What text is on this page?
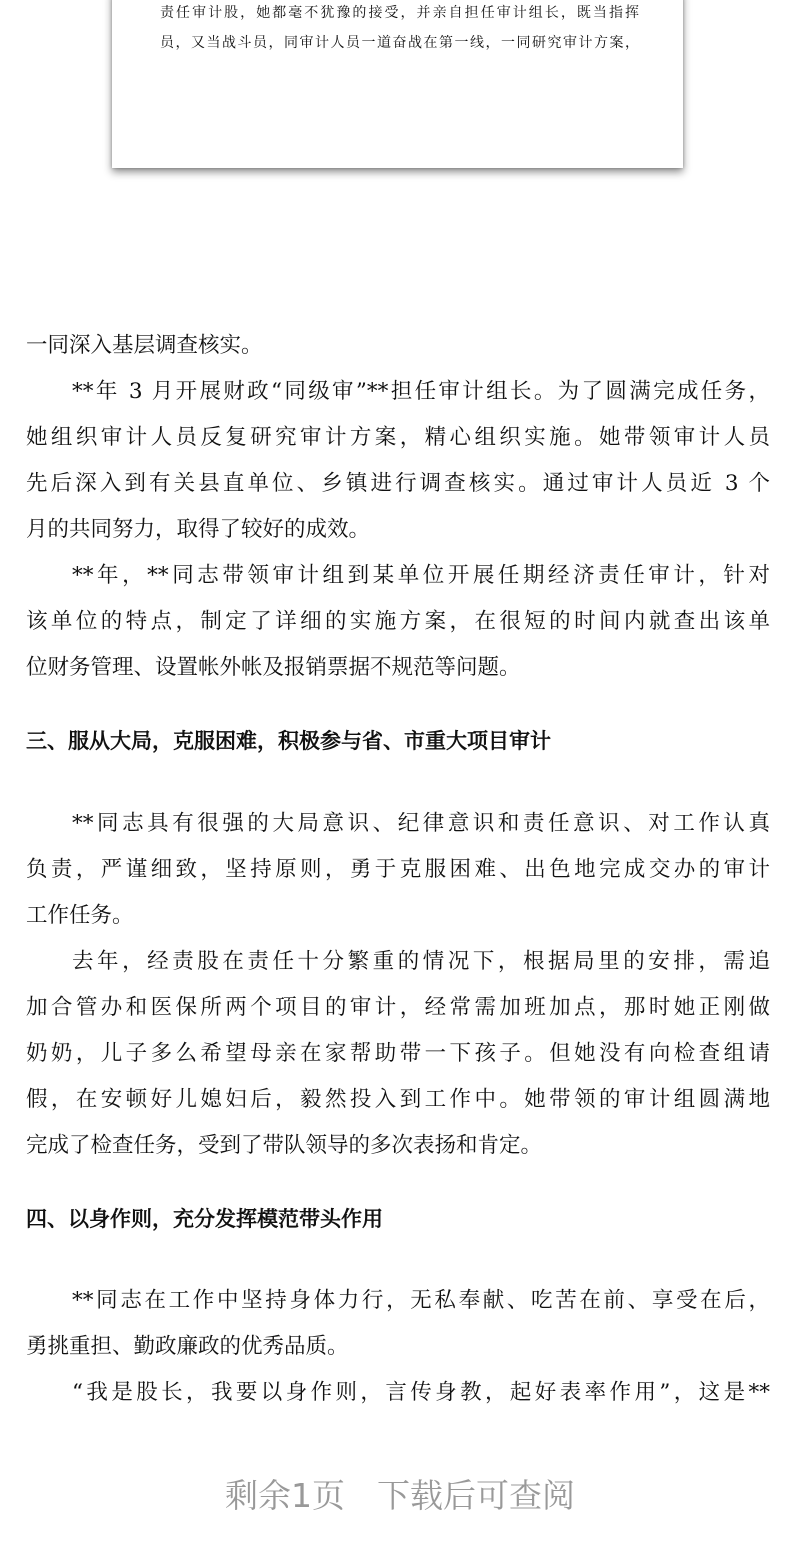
责任审计股，她都毫不犹豫的接受，并亲自担任审计组长，既当指挥
员，又当战斗员，同审计人员一道奋战在第一线，一同研究审计方案，
一同深入基层调查核实。
**年 3 月开展财政“同级审”**担任审计组长。为了圆满完成任务，
她组织审计人员反复研究审计方案，精心组织实施。她带领审计人员
先后深入到有关县直单位、乡镇进行调查核实。通过审计人员近 3 个
月的共同努力，取得了较好的成效。
**年，**同志带领审计组到某单位开展任期经济责任审计，针对
该单位的特点，制定了详细的实施方案，在很短的时间内就查出该单
位财务管理、设置帐外帐及报销票据不规范等问题。
三、服从大局，克服困难，积极参与省、市重大项目审计
**同志具有很强的大局意识、纪律意识和责任意识、对工作认真
负责，严谨细致，坚持原则，勇于克服困难、出色地完成交办的审计
工作任务。
去年，经责股在责任十分繁重的情况下，根据局里的安排，需追
加合管办和医保所两个项目的审计，经常需加班加点，那时她正刚做
奶奶，儿子多么希望母亲在家帮助带一下孩子。但她没有向检查组请
假，在安顿好儿媳妇后，毅然投入到工作中。她带领的审计组圆满地
完成了检查任务，受到了带队领导的多次表扬和肯定。
四、以身作则，充分发挥模范带头作用
**同志在工作中坚持身体力行，无私奉献、吃苦在前、享受在后，
勇挑重担、勤政廉政的优秀品质。
“我是股长，我要以身作则，言传身教，起好表率作用”，这是**
剩余1页 下载后可查阅
